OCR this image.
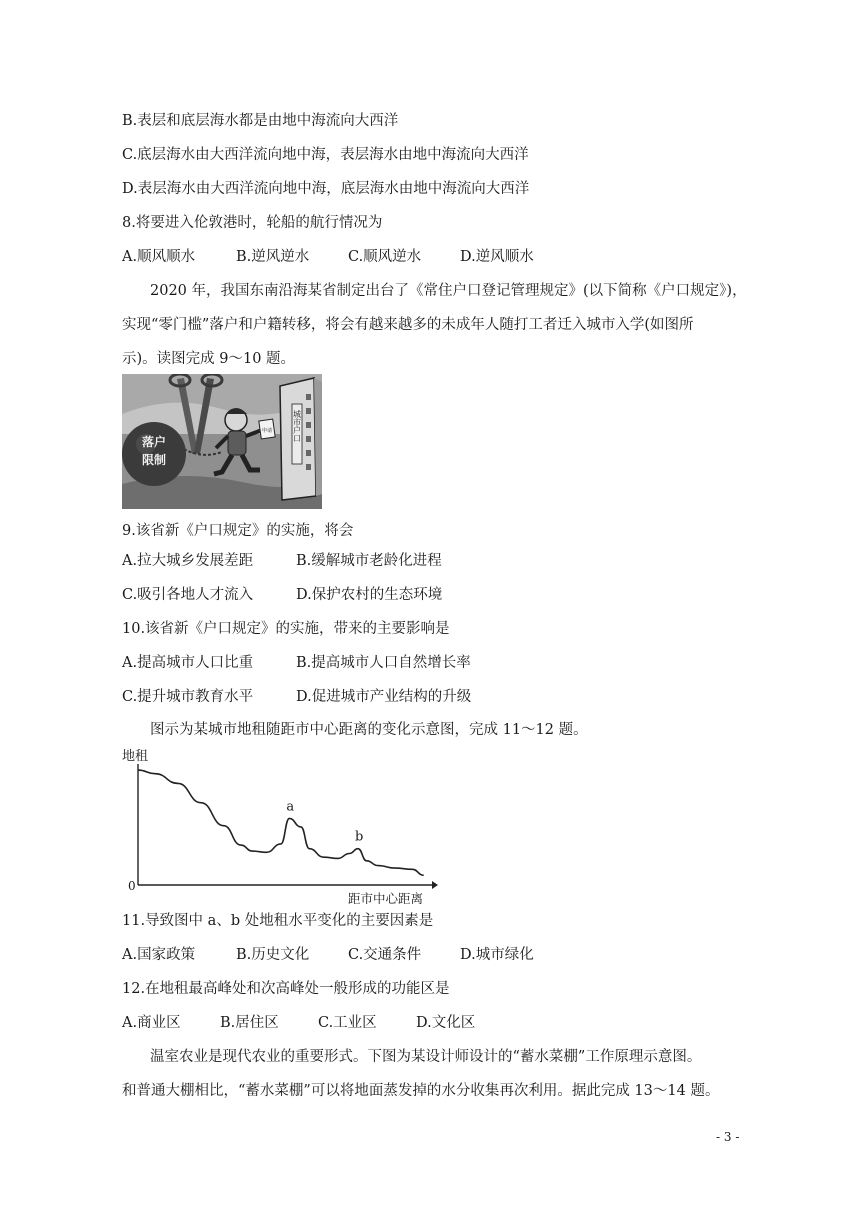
B.表层和底层海水都是由地中海流向大西洋
C.底层海水由大西洋流向地中海，表层海水由地中海流向大西洋
D.表层海水由大西洋流向地中海，底层海水由地中海流向大西洋
8.将要进入伦敦港时，轮船的航行情况为
A.顺风顺水	B.逆风逆水	C.顺风逆水	D.逆风顺水
2020 年，我国东南沿海某省制定出台了《常住户口登记管理规定》(以下简称《户口规定》)，
实现“零门槛”落户和户籍转移，将会有越来越多的未成年人随打工者迁入城市入学(如图所
示)。读图完成 9～10 题。
落户
限制
申请	城市户口
9.该省新《户口规定》的实施，将会
A.拉大城乡发展差距	B.缓解城市老龄化进程
C.吸引各地人才流入	D.保护农村的生态环境
10.该省新《户口规定》的实施，带来的主要影响是
A.提高城市人口比重	B.提高城市人口自然增长率
C.提升城市教育水平	D.促进城市产业结构的升级
图示为某城市地租随距市中心距离的变化示意图，完成 11～12 题。
地租
0
距市中心距离
a
b
11.导致图中 a、b 处地租水平变化的主要因素是
A.国家政策	B.历史文化	C.交通条件	D.城市绿化
12.在地租最高峰处和次高峰处一般形成的功能区是
A.商业区	B.居住区	C.工业区	D.文化区
温室农业是现代农业的重要形式。下图为某设计师设计的“蓄水菜棚”工作原理示意图。
和普通大棚相比，“蓄水菜棚”可以将地面蒸发掉的水分收集再次利用。据此完成 13～14 题。
- 3 -
